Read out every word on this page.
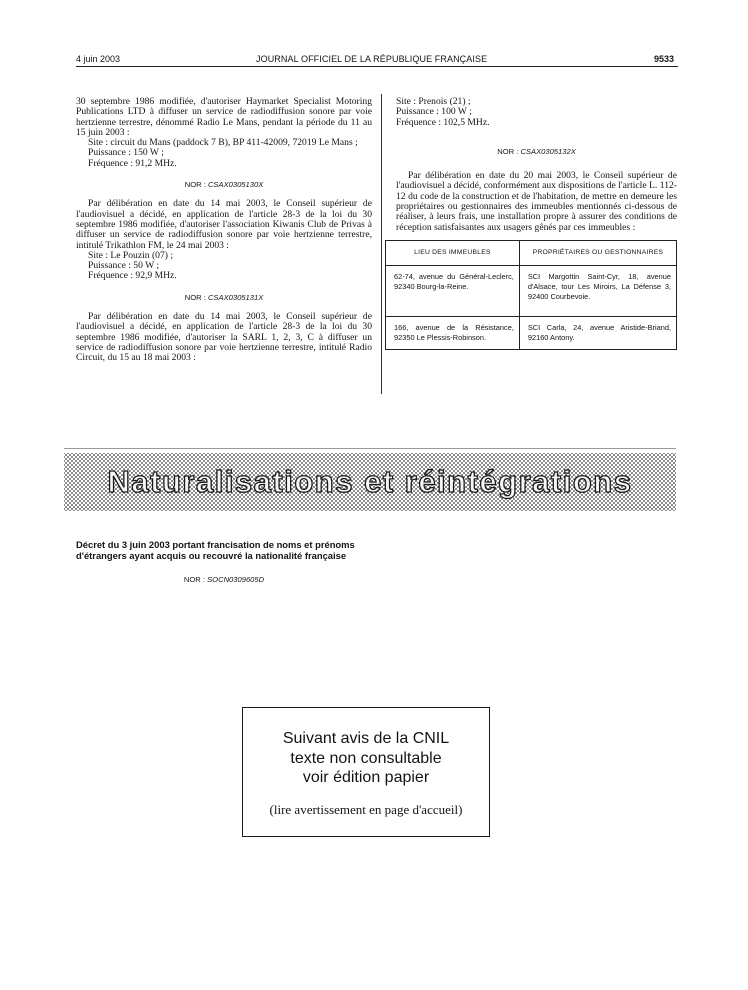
4 juin 2003	JOURNAL OFFICIEL DE LA RÉPUBLIQUE FRANÇAISE	9533

30 septembre 1986 modifiée, d'autoriser Haymarket Specialist Motoring Publications LTD à diffuser un service de radiodiffusion sonore par voie hertzienne terrestre, dénommé Radio Le Mans, pendant la période du 11 au 15 juin 2003 :

Site : circuit du Mans (paddock 7 B), BP 411-42009, 72019 Le Mans ;

Puissance : 150 W ;

Fréquence : 91,2 MHz.

NOR : CSAX0305130X

Par délibération en date du 14 mai 2003, le Conseil supérieur de l'audiovisuel a décidé, en application de l'article 28-3 de la loi du 30 septembre 1986 modifiée, d'autoriser l'association Kiwanis Club de Privas à diffuser un service de radiodiffusion sonore par voie hertzienne terrestre, intitulé Trikathlon FM, le 24 mai 2003 :

Site : Le Pouzin (07) ;

Puissance : 50 W ;

Fréquence : 92,9 MHz.

NOR : CSAX0305131X

Par délibération en date du 14 mai 2003, le Conseil supérieur de l'audiovisuel a décidé, en application de l'article 28-3 de la loi du 30 septembre 1986 modifiée, d'autoriser la SARL 1, 2, 3, C à diffuser un service de radiodiffusion sonore par voie hertzienne terrestre, intitulé Radio Circuit, du 15 au 18 mai 2003 :

Site : Prenois (21) ;

Puissance : 100 W ;

Fréquence : 102,5 MHz.

NOR : CSAX0305132X

Par délibération en date du 20 mai 2003, le Conseil supérieur de l'audiovisuel a décidé, conformément aux dispositions de l'article L. 112-12 du code de la construction et de l'habitation, de mettre en demeure les propriétaires ou gestionnaires des immeubles mentionnés ci-dessous de réaliser, à leurs frais, une installation propre à assurer des conditions de réception satisfaisantes aux usagers gênés par ces immeubles :

LIEU DES IMMEUBLES	PROPRIÉTAIRES OU GESTIONNAIRES
62-74, avenue du Général-Leclerc, 92340 Bourg-la-Reine.	SCI Margottin Saint-Cyr, 18, avenue d'Alsace, tour Les Miroirs, La Défense 3, 92400 Courbevoie.
166, avenue de la Résistance, 92350 Le Plessis-Robinson.	SCI Carla, 24, avenue Aristide-Briand, 92160 Antony.
Naturalisations et réintégrations
Décret du 3 juin 2003 portant francisation de noms et prénoms d'étrangers ayant acquis ou recouvré la nationalité française
NOR : SOCN0309605D
Suivant avis de la CNIL
texte non consultable
voir édition papier
(lire avertissement en page d'accueil)
